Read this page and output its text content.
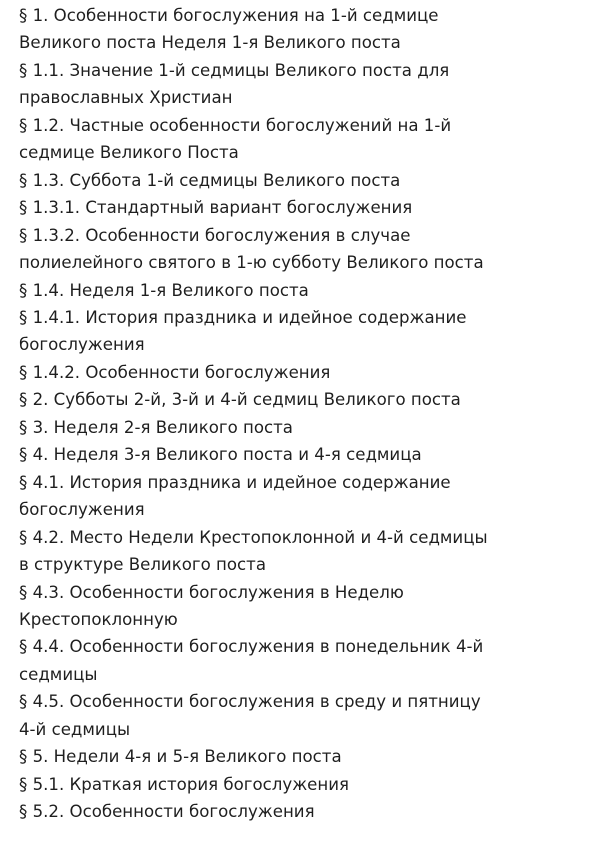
§ 1. Особенности богослужения на 1-й седмице Великого поста Неделя 1-я Великого поста
§ 1.1. Значение 1-й седмицы Великого поста для православных Христиан
§ 1.2. Частные особенности богослужений на 1-й седмице Великого Поста
§ 1.3. Суббота 1-й седмицы Великого поста
§ 1.3.1. Стандартный вариант богослужения
§ 1.3.2. Особенности богослужения в случае полиелейного святого в 1-ю субботу Великого поста
§ 1.4. Неделя 1-я Великого поста
§ 1.4.1. История праздника и идейное содержание богослужения
§ 1.4.2. Особенности богослужения
§ 2. Субботы 2-й, 3-й и 4-й седмиц Великого поста
§ 3. Неделя 2-я Великого поста
§ 4. Неделя 3-я Великого поста и 4-я седмица
§ 4.1. История праздника и идейное содержание богослужения
§ 4.2. Место Недели Крестопоклонной и 4-й седмицы в структуре Великого поста
§ 4.3. Особенности богослужения в Неделю Крестопоклонную
§ 4.4. Особенности богослужения в понедельник 4-й седмицы
§ 4.5. Особенности богослужения в среду и пятницу 4-й седмицы
§ 5. Недели 4-я и 5-я Великого поста
§ 5.1. Краткая история богослужения
§ 5.2. Особенности богослужения
